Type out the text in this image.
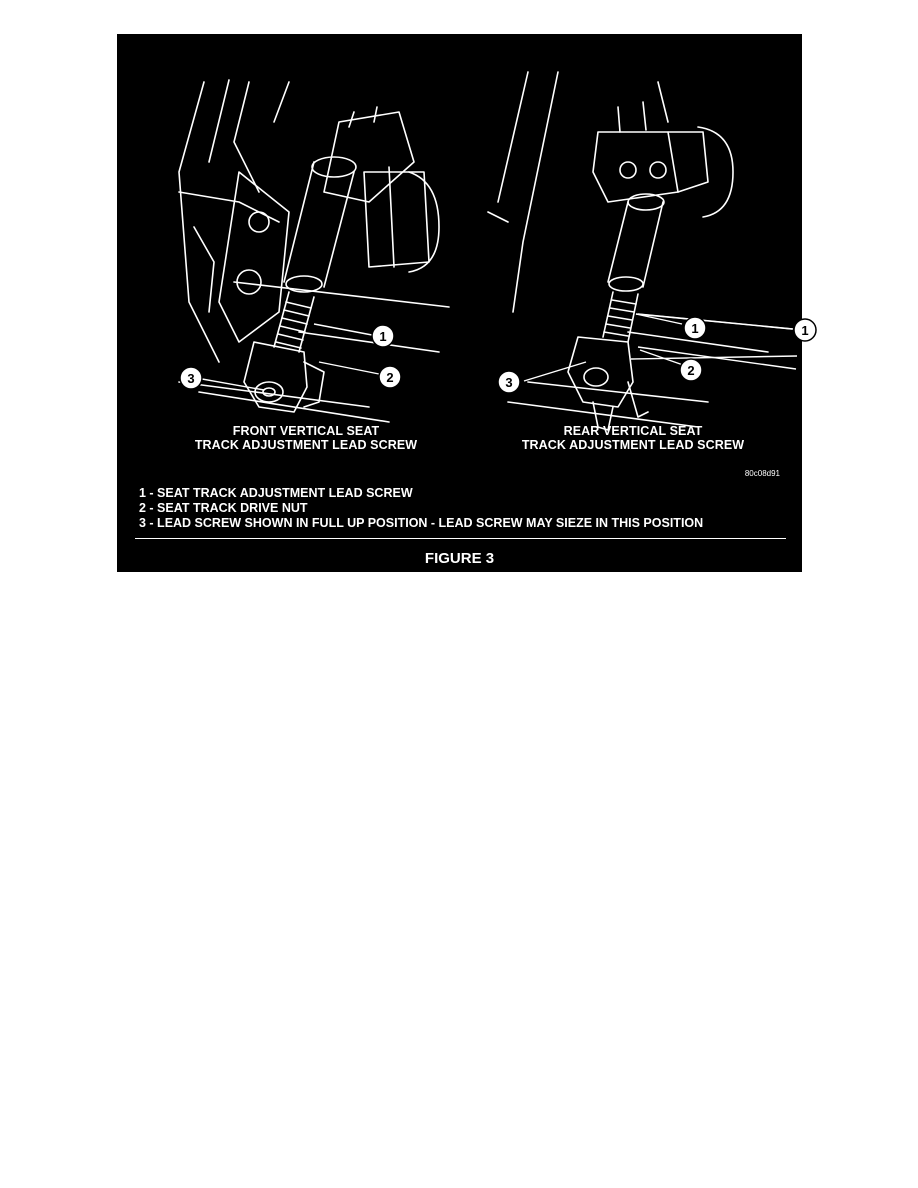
1
2
3
1
1
2
3
FRONT VERTICAL SEAT
TRACK ADJUSTMENT LEAD SCREW
REAR VERTICAL SEAT
TRACK ADJUSTMENT LEAD SCREW
80c08d91
1 - SEAT TRACK ADJUSTMENT LEAD SCREW
2 - SEAT TRACK DRIVE NUT
3 - LEAD SCREW SHOWN IN FULL UP POSITION - LEAD SCREW MAY SIEZE IN THIS POSITION
FIGURE 3
